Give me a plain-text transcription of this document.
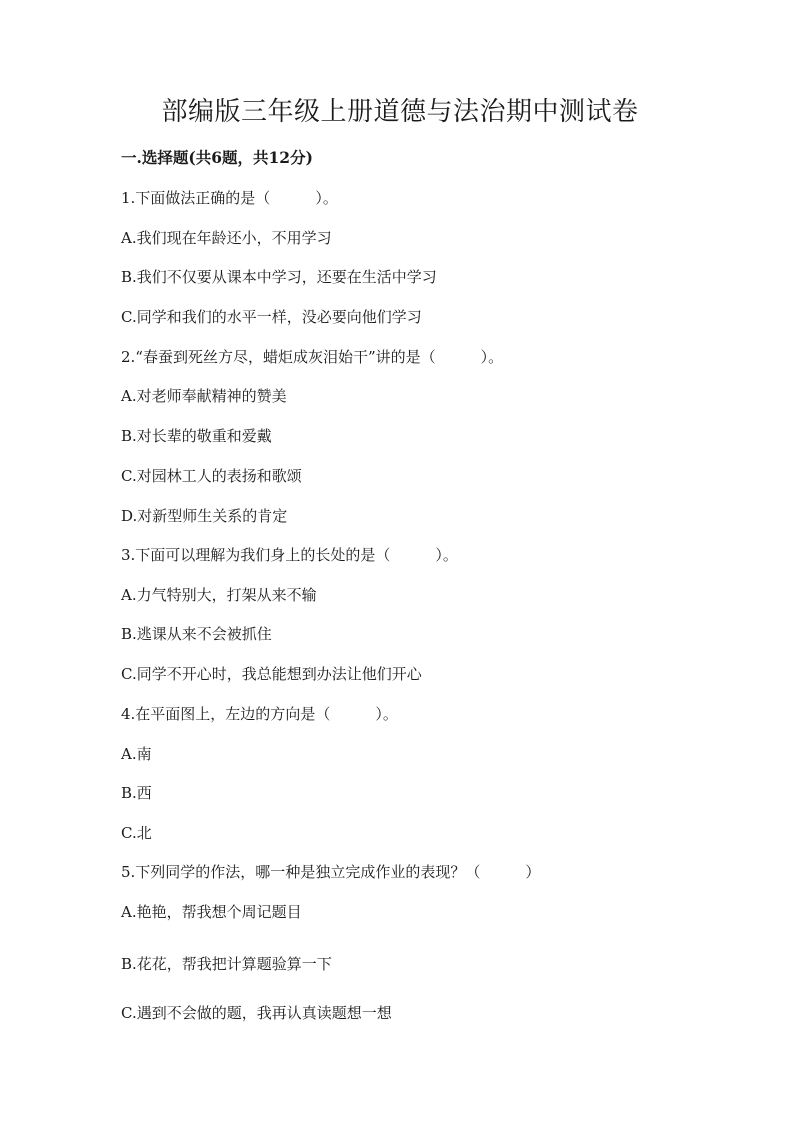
部编版三年级上册道德与法治期中测试卷
一.选择题(共6题，共12分)
1.下面做法正确的是（　　　）。
A.我们现在年龄还小，不用学习
B.我们不仅要从课本中学习，还要在生活中学习
C.同学和我们的水平一样，没必要向他们学习
2.“春蚕到死丝方尽，蜡炬成灰泪始干”讲的是（　　　）。
A.对老师奉献精神的赞美
B.对长辈的敬重和爱戴
C.对园林工人的表扬和歌颂
D.对新型师生关系的肯定
3.下面可以理解为我们身上的长处的是（　　　）。
A.力气特别大，打架从来不输
B.逃课从来不会被抓住
C.同学不开心时，我总能想到办法让他们开心
4.在平面图上，左边的方向是（　　　）。
A.南
B.西
C.北
5.下列同学的作法，哪一种是独立完成作业的表现？（　　　）
A.艳艳，帮我想个周记题目
B.花花，帮我把计算题验算一下
C.遇到不会做的题，我再认真读题想一想
